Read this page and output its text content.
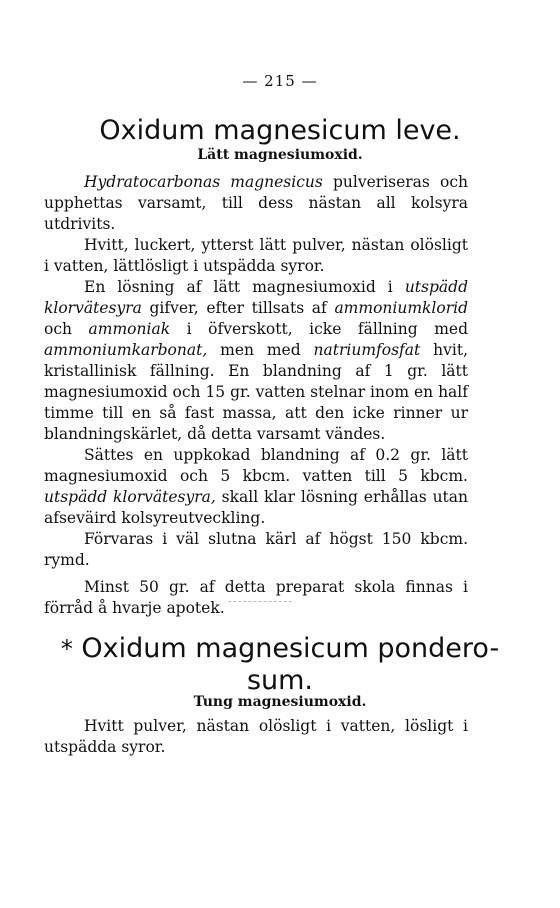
— 215 —
Oxidum magnesicum leve.
Lätt magnesiumoxid.

Hydratocarbonas magnesicus pulveriseras och upphettas varsamt, till dess nästan all kolsyra utdrivits.

Hvitt, luckert, ytterst lätt pulver, nästan olösligt i vatten, lättlösligt i utspädda syror.

En lösning af lätt magnesiumoxid i utspädd klorvätesyra gifver, efter tillsats af ammoniumklorid och ammoniak i öfverskott, icke fällning med ammoniumkarbonat, men med natriumfosfat hvit, kristallinisk fällning. En blandning af 1 gr. lätt magnesiumoxid och 15 gr. vatten stelnar inom en half timme till en så fast massa, att den icke rinner ur blandningskärlet, då detta varsamt vändes.

Sättes en uppkokad blandning af 0.2 gr. lätt magnesiumoxid och 5 kbcm. vatten till 5 kbcm. utspädd klorvätesyra, skall klar lösning erhållas utan afseväird kolsyreutveckling.

Förvaras i väl slutna kärl af högst 150 kbcm. rymd.

Minst 50 gr. af detta preparat skola finnas i förråd å hvarje apotek.

* Oxidum magnesicum pondero-
sum.
Tung magnesiumoxid.

Hvitt pulver, nästan olösligt i vatten, lösligt i utspädda syror.
